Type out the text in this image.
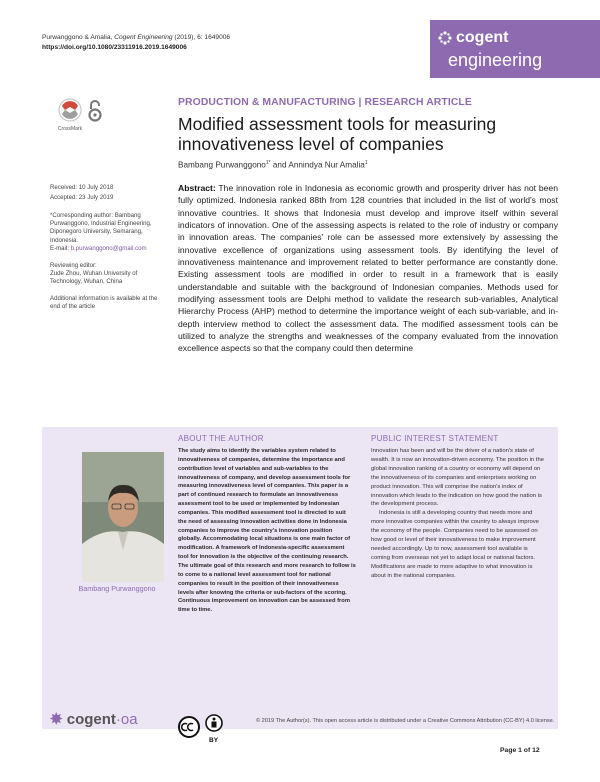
Purwanggono & Amalia, Cogent Engineering (2019), 6: 1649006
https://doi.org/10.1080/23311916.2019.1649006
cogent
engineering
CrossMark
PRODUCTION & MANUFACTURING | RESEARCH ARTICLE
Modified assessment tools for measuring innovativeness level of companies
Bambang Purwanggono$^{1*}$ and Annindya Nur Amalia$^1$
Received: 10 July 2018
Accepted: 23 July 2019
*Corresponding author: Bambang Purwanggono, Industrial Engineering, Diponegoro University, Semarang, Indonesia.
E-mail: b.purwanggono@gmail.com
Reviewing editor:
Zude Zhou, Wuhan University of Technology, Wuhan, China
Additional information is available at the end of the article
Abstract: The innovation role in Indonesia as economic growth and prosperity driver has not been fully optimized. Indonesia ranked 88th from 128 countries that included in the list of world's most innovative countries. It shows that Indonesia must develop and improve itself within several indicators of innovation. One of the assessing aspects is related to the role of industry or company in innovation areas. The companies' role can be assessed more extensively by assessing the innovative excellence of organizations using assessment tools. By identifying the level of innovativeness maintenance and improvement related to better performance are constantly done. Existing assessment tools are modified in order to result in a framework that is easily understandable and suitable with the background of Indonesian companies. Methods used for modifying assessment tools are Delphi method to validate the research sub-variables, Analytical Hierarchy Process (AHP) method to determine the importance weight of each sub-variable, and in-depth interview method to collect the assessment data. The modified assessment tools can be utilized to analyze the strengths and weaknesses of the company evaluated from the innovation excellence aspects so that the company could then determine
Bambang Purwanggono
ABOUT THE AUTHOR
The study aims to identify the variables system related to innovativeness of companies, determine the importance and contribution level of variables and sub-variables to the innovativeness of company, and develop assessment tools for measuring innovativeness level of companies. This paper is a part of continued research to formulate an innovativeness assessment tool to be used or implemented by Indonesian companies. This modified assessment tool is directed to suit the need of assessing innovation activities done in Indonesia companies to improve the country's innovation position globally. Accommodating local situations is one main factor of modification. A framework of Indonesia-specific assessment tool for innovation is the objective of the continuing research. The ultimate goal of this research and more research to follow is to come to a national level assessment tool for national companies to result in the position of their innovativeness levels after knowing the criteria or sub-factors of the scoring. Continuous improvement on innovation can be assessed from time to time.
PUBLIC INTEREST STATEMENT

Innovation has been and will be the driver of a nation's state of wealth. It is now an innovation-driven economy. The position in the global innovation ranking of a country or economy will depend on the innovativeness of its companies and enterprises working on product innovation. This will comprise the nation's index of innovation which leads to the indication on how good the nation is the development process.

Indonesia is still a developing country that needs more and more innovative companies within the country to always improve the economy of the people. Companies need to be assessed on how good or level of their innovativeness to make improvement needed accordingly. Up to now, assessment tool available is coming from overseas not yet to adapt local or national factors. Modifications are made to more adaptive to what innovation is about in the national companies.

✸ cogent·oa
BY
© 2019 The Author(s). This open access article is distributed under a Creative Commons Attribution (CC-BY) 4.0 license.
Page 1 of 12
